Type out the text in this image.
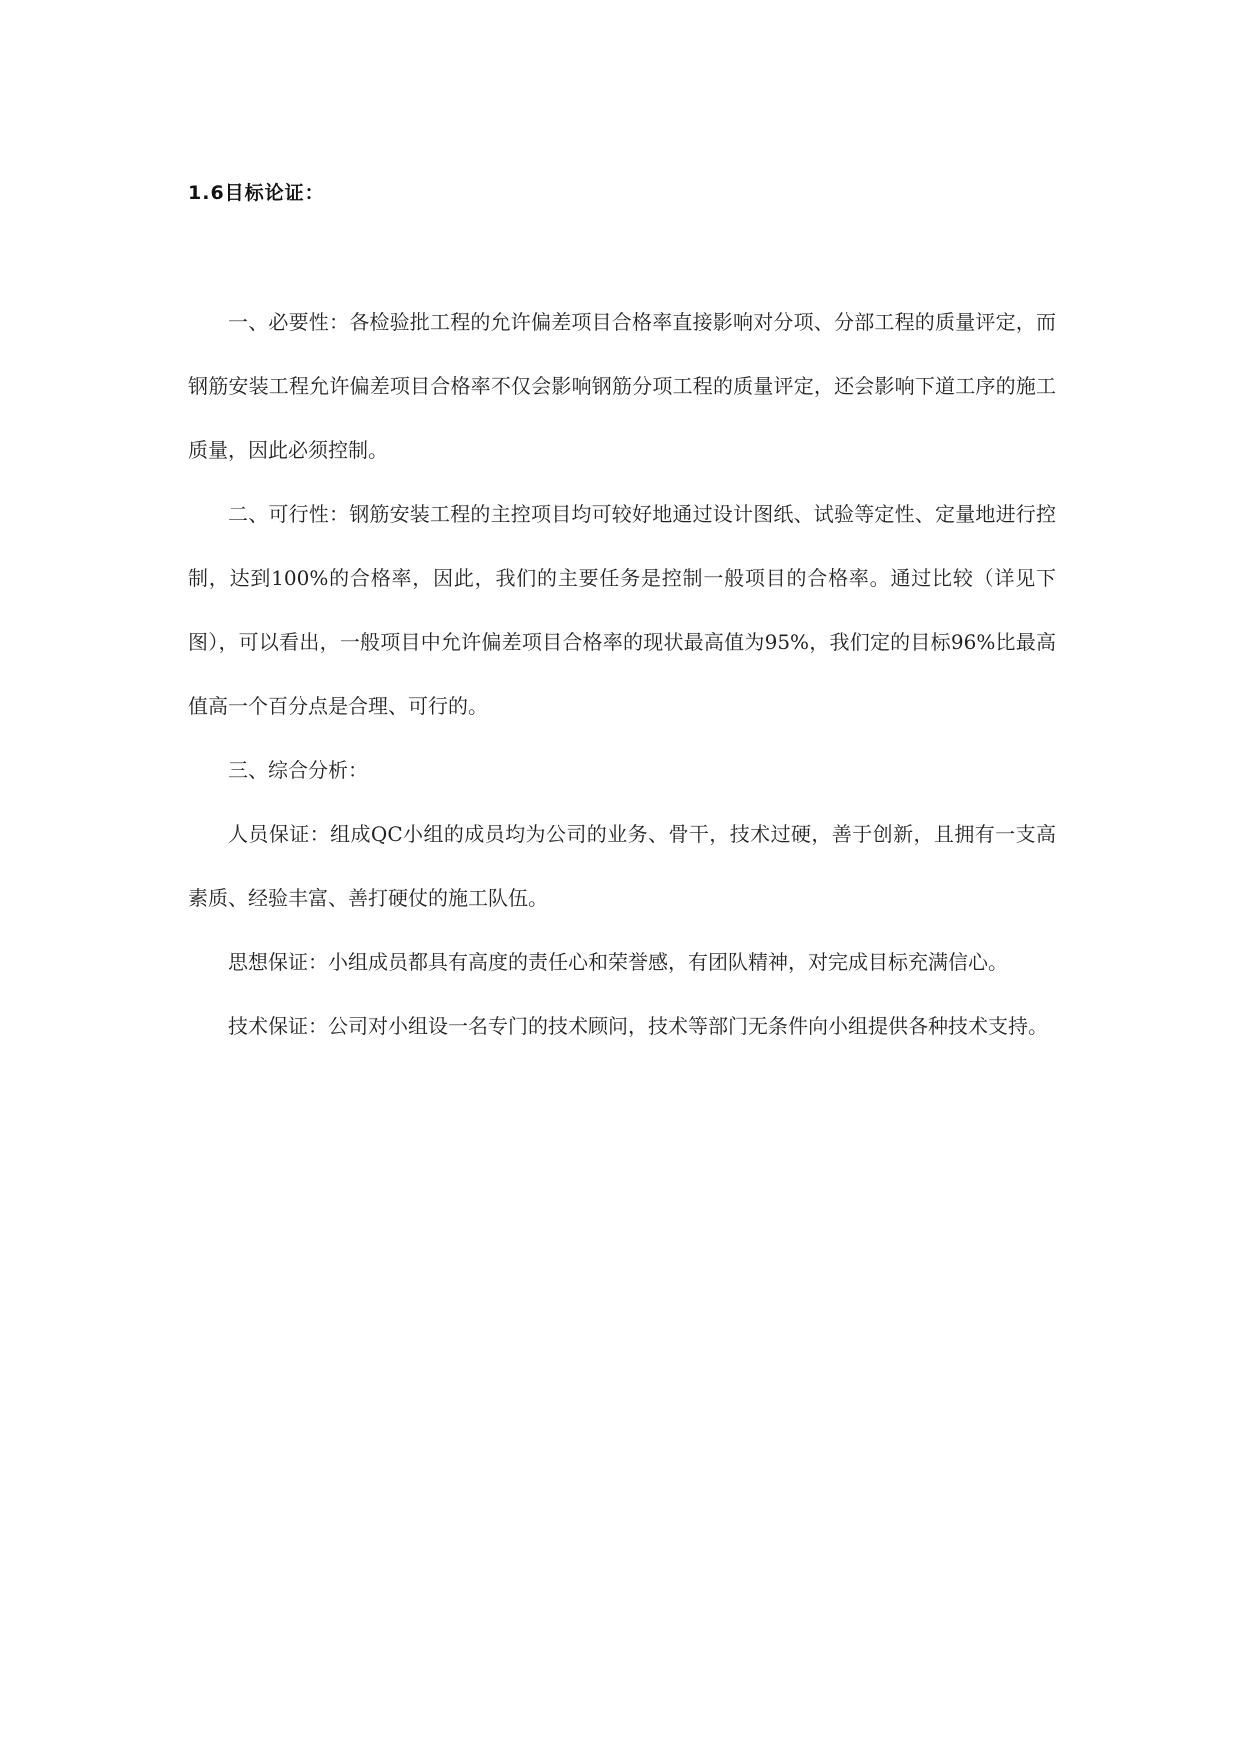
1.6目标论证：

一、必要性：各检验批工程的允许偏差项目合格率直接影响对分项、分部工程的质量评定，而钢筋安装工程允许偏差项目合格率不仅会影响钢筋分项工程的质量评定，还会影响下道工序的施工质量，因此必须控制。

二、可行性：钢筋安装工程的主控项目均可较好地通过设计图纸、试验等定性、定量地进行控制，达到100%的合格率，因此，我们的主要任务是控制一般项目的合格率。通过比较（详见下图），可以看出，一般项目中允许偏差项目合格率的现状最高值为95%，我们定的目标96%比最高值高一个百分点是合理、可行的。

三、综合分析：

人员保证：组成QC小组的成员均为公司的业务、骨干，技术过硬，善于创新，且拥有一支高素质、经验丰富、善打硬仗的施工队伍。

思想保证：小组成员都具有高度的责任心和荣誉感，有团队精神，对完成目标充满信心。

技术保证：公司对小组设一名专门的技术顾问，技术等部门无条件向小组提供各种技术支持。
